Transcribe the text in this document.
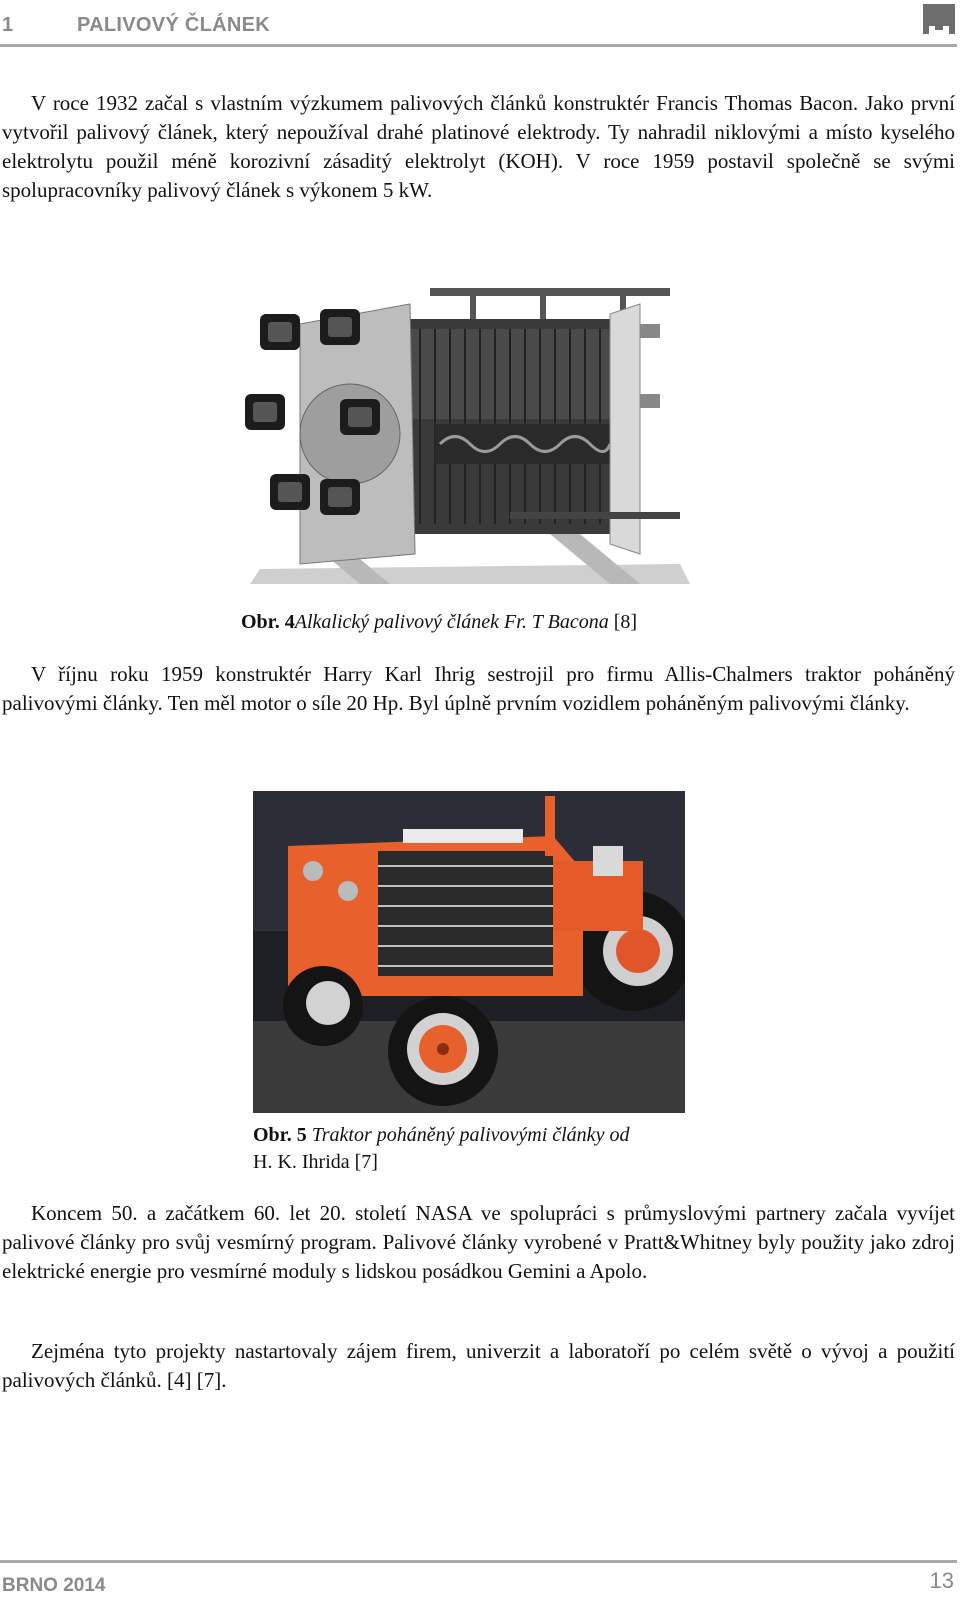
1	PALIVOVÝ ČLÁNEK

V roce 1932 začal s vlastním výzkumem palivových článků konstruktér Francis Thomas Bacon. Jako první vytvořil palivový článek, který nepoužíval drahé platinové elektrody. Ty nahradil niklovými a místo kyselého elektrolytu použil méně korozivní zásaditý elektrolyt (KOH). V roce 1959 postavil společně se svými spolupracovníky palivový článek s výkonem 5 kW.

Obr. 4Alkalický palivový článek Fr. T Bacona [8]

V říjnu roku 1959 konstruktér Harry Karl Ihrig sestrojil pro firmu Allis-Chalmers traktor poháněný palivovými články. Ten měl motor o síle 20 Hp. Byl úplně prvním vozidlem poháněným palivovými články.

Obr. 5 Traktor poháněný palivovými články od
H. K. Ihrida [7]

Koncem 50. a začátkem 60. let 20. století NASA ve spolupráci s průmyslovými partnery začala vyvíjet palivové články pro svůj vesmírný program. Palivové články vyrobené v Pratt&Whitney byly použity jako zdroj elektrické energie pro vesmírné moduly s lidskou posádkou Gemini a Apolo.

Zejména tyto projekty nastartovaly zájem firem, univerzit a laboratoří po celém světě o vývoj a použití palivových článků. [4] [7].

BRNO 2014	13
